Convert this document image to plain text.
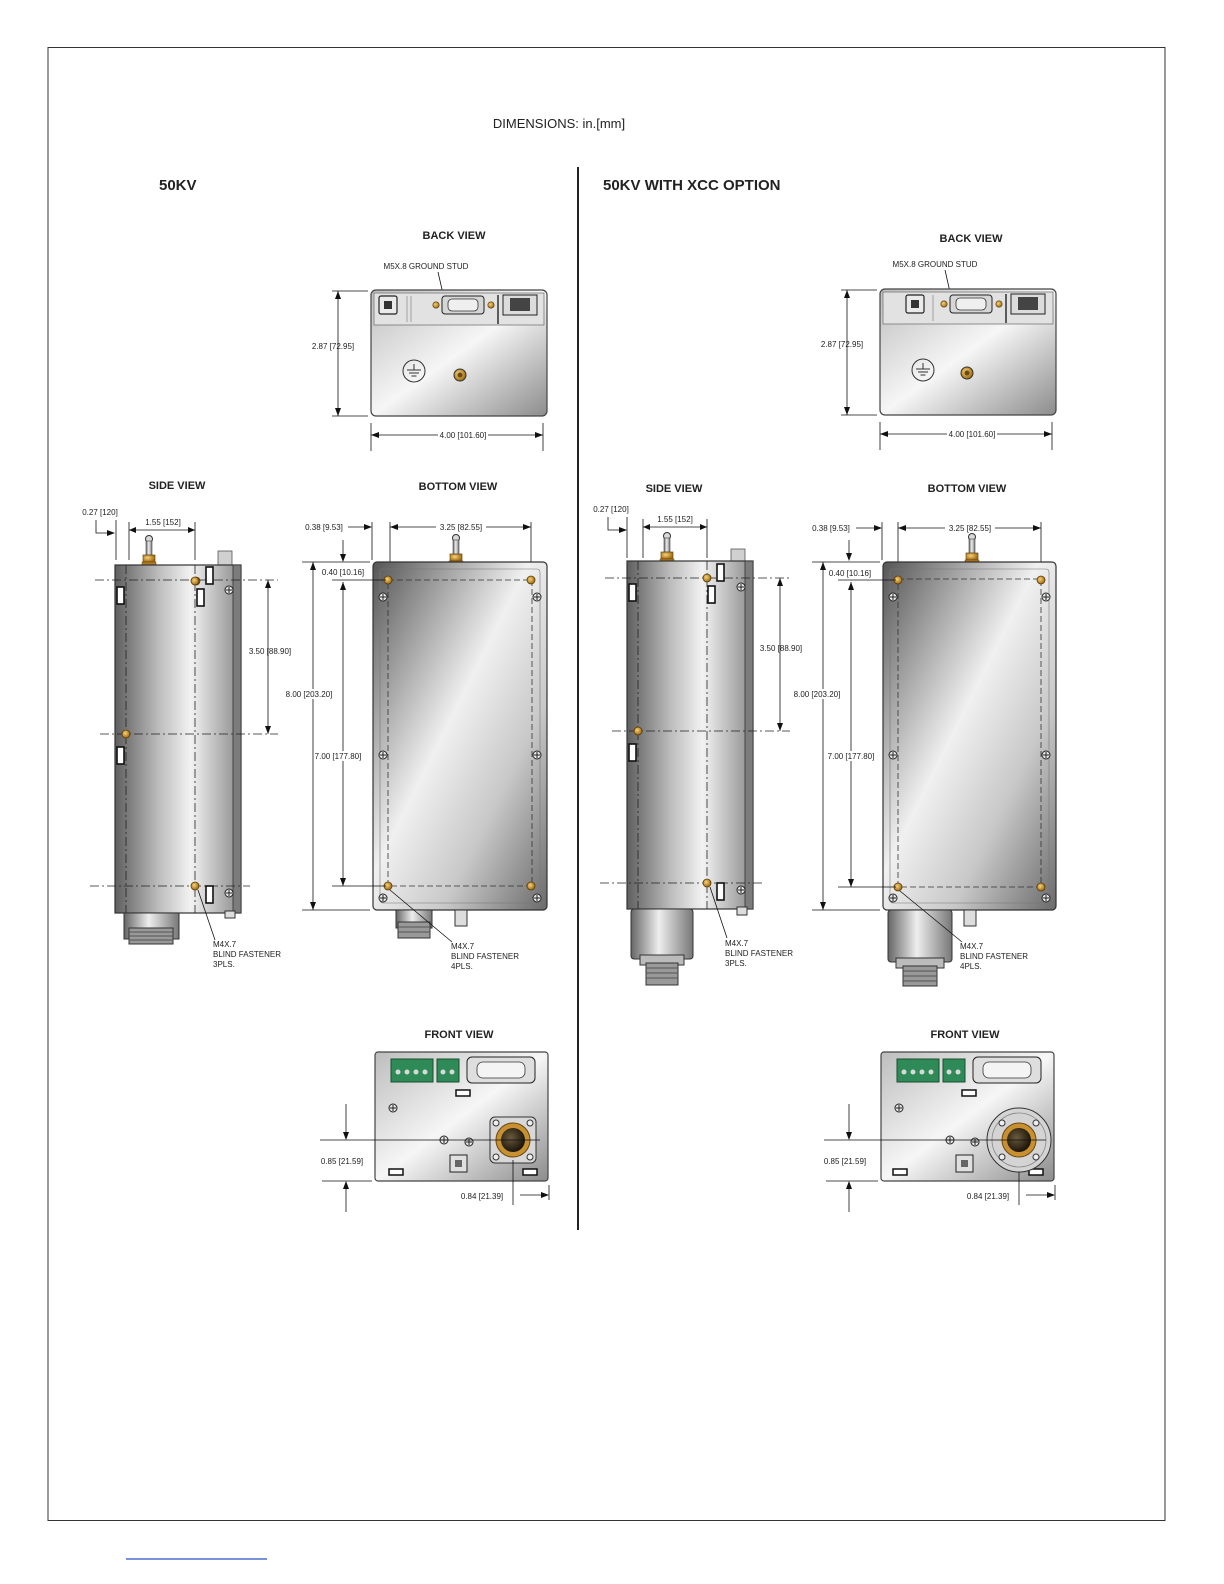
DIMENSIONS: in.[mm]
50KV
BACK VIEW
M5X.8 GROUND STUD
2.87 [72.95]
4.00 [101.60]
SIDE VIEW
0.27 [120]
1.55 [152]
3.50 [88.90]
M4X.7 BLIND FASTENER 3PLS.
BOTTOM VIEW
0.38 [9.53]	3.25 [82.55]
0.40 [10.16]
8.00 [203.20]
7.00 [177.80]
M4X.7 BLIND FASTENER 4PLS.
FRONT VIEW
0.85 [21.59]
0.84 [21.39]
50KV WITH XCC OPTION
BACK VIEW
M5X.8 GROUND STUD
2.87 [72.95]
4.00 [101.60]
SIDE VIEW
0.27 [120]
1.55 [152]
3.50 [88.90]
M4X.7 BLIND FASTENER 3PLS.
BOTTOM VIEW
0.38 [9.53]	3.25 [82.55]
0.40 [10.16]
8.00 [203.20]
7.00 [177.80]
M4X.7 BLIND FASTENER 4PLS.
FRONT VIEW
0.85 [21.59]
0.84 [21.39]
